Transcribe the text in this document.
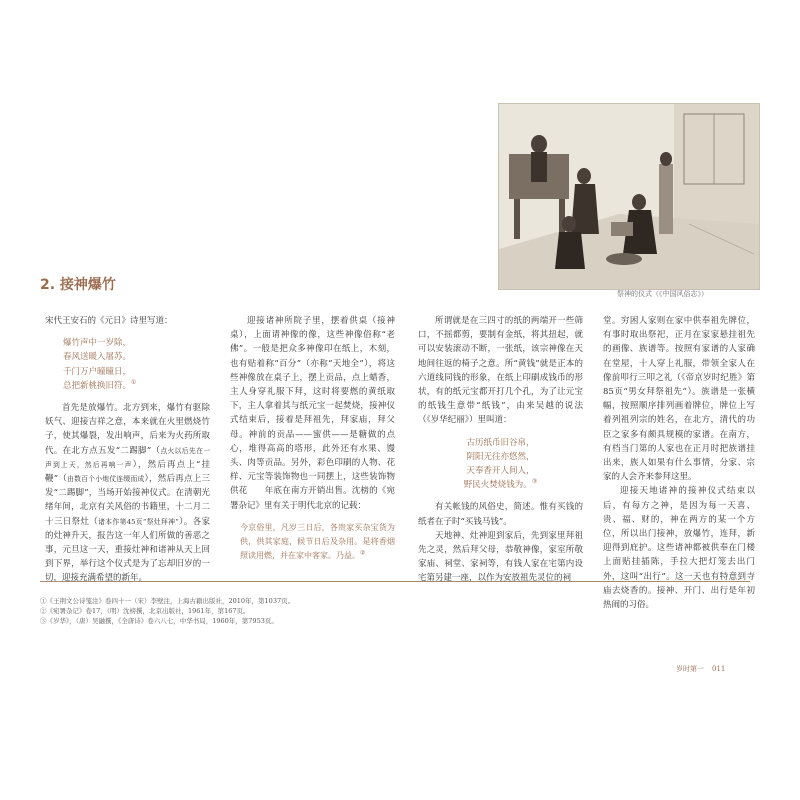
祭神的仪式（《中国风俗志》）
2. 接神爆竹

宋代王安石的《元日》诗里写道：

爆竹声中一岁除，

春风送暖入屠苏。

千门万户曈曈日，

总把新桃换旧符。①

首先是放爆竹。北方到来，爆竹有驱除妖气、迎接吉祥之意，本来就在火里燃烧竹子，使其爆裂，发出响声，后来为火药所取代。在北方点五发“二踢脚”（点火以后先在一声到上天，然后再响一声），然后再点上“挂鞭”（由数百个小炮仗连缀而成），然后再点上三发“二踢脚”，当场开始接神仪式。在清朝光绪年间，北京有关风俗的书籍里，十二月二十三日祭灶（诸本作第45页“祭灶拜神”）。各家的灶神升天，报告这一年人们所做的善恶之事，元旦这一天，重接灶神和诸神从天上回到下界，举行这个仪式是为了忘却旧岁的一切，迎接充满希望的新年。

迎接诸神所院子里，摆着供桌（接神桌），上面请神像的像，这些神像俗称“老佛”。一般是把众多神像印在纸上，木刻，也有贴着称“百分”（亦称“天地全”），将这些神像放在桌子上，摆上贡品，点上蜡香，主人身穿礼服下拜，这时将要燃的黄纸取下，主人拿着其与纸元宝一起焚烧，接神仪式结束后，接着是拜祖先，拜家庙，拜父母。神前的贡品——蜜供——是糖做的点心，堆得高高的塔形，此外还有水果、馒头、肉等贡品。另外，彩色印刷的人物、花样、元宝等装饰物也一同摆上，这些装饰物　　供花　　年底在南方开销出售。沈榜的《宛署杂记》里有关于明代北京的记载：

今京俗里，凡岁三日后，各贵家买杂宝货为供，供其家庭，候节日后及杂用。是将香烟照读用燃，并在家中客家。乃益。②

所谓就是在三四寸的纸的两端开一些筛口，不摇都剪，要制有金纸，将其扭起，就可以安装滚动不断，一张纸，该宗神像在天地间往返的椅子之意。所“黄钱”就是正本的六道线同钱的形象，在纸上印刷成钱币的形状，有的纸元宝都开打几个孔，为了让元宝的纸钱生意带“纸钱”，由来吴越的说法（《岁华纪丽》）里叫道：

古历纸币旧谷帛，

阴阳无往亦悠然，

天奉香开人间人，

野民火焚烧钱为。③

有关帐钱的风俗史，简述。惟有买钱的纸者在子时“买钱马钱”。

天地神、灶神迎到家后，先到家里拜祖先之灵，然后拜父母，恭敬神像，家室所敬家庙、祠堂、家祠等，有钱人家在宅第内设宅第另建一座，以作为安放祖先灵位的祠

堂。穷困人家则在家中供奉祖先牌位，有事时取出祭祀，正月在家家悬挂祖先的画像、族谱等。按照有家谱的人家确在堂屋，十人穿上礼服，带领全家人在像前叩行三叩之礼（《帝京岁时纪胜》第85页“男女拜祭祖先”）。族谱是一张横幅，按照顺序排列画着牌位，牌位上写着列祖列宗的姓名，在北方，清代的功臣之家多有颇具规模的家谱。在南方，有档当门第的人家也在正月时把族谱挂出来，族人如果有什么事情，分家、宗家的人会齐来参拜这里。

迎接天地诸神的接神仪式结束以后，有每方之神，是因为每一天喜、贵、福、财的，神在两方的某一个方位，所以出门接神，放爆竹，连拜，新迎得到庇护。这些诸神都被供奉在门楼上面贴挂插陈，手拉大把灯笼去出门外，这叫“出行”。这一天也有特意到寺庙去烧香的。接神、开门、出行是年初热闹的习俗。

①《王荆文公诗笺注》卷四十一（宋）李壁注，上海古籍出版社，2010年，第1037页。
②《宛署杂记》卷17，（明）沈榜撰，北京出版社，1961年，第167页。
③《岁华》，（唐）吴融撰，《全唐诗》卷六八七，中华书局，1960年，第7953页。
岁时第一 011
